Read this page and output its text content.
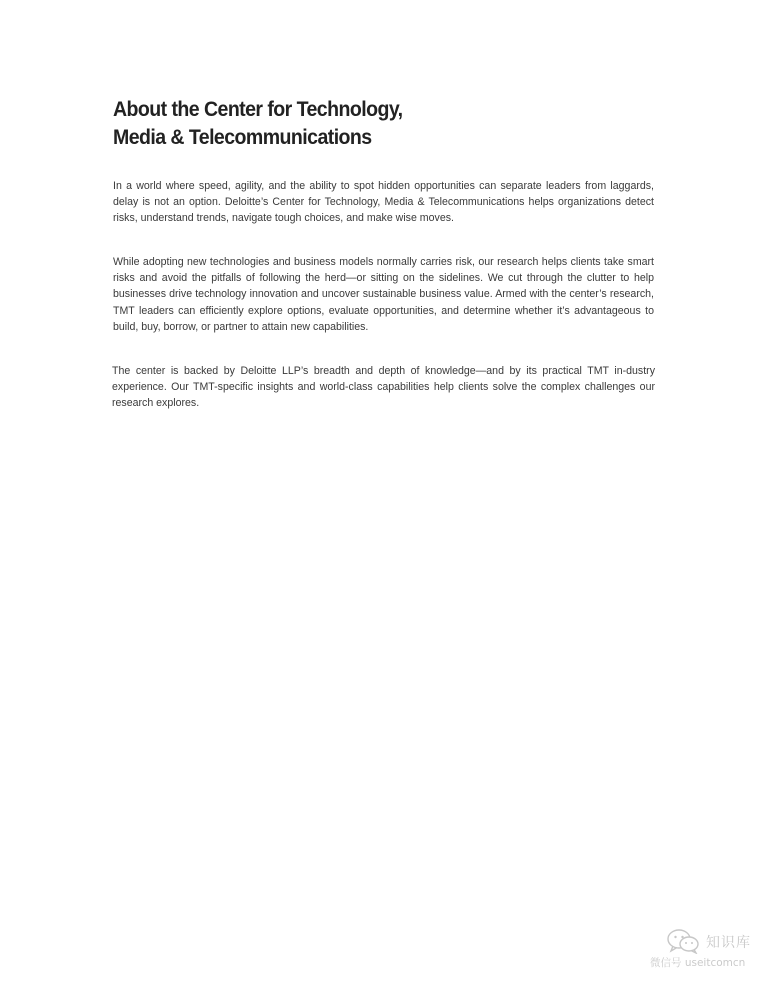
About the Center for Technology,
Media & Telecommunications

In a world where speed, agility, and the ability to spot hidden opportunities can separate leaders from laggards, delay is not an option. Deloitte’s Center for Technology, Media & Telecommunications helps organizations detect risks, understand trends, navigate tough choices, and make wise moves.

While adopting new technologies and business models normally carries risk, our research helps clients take smart risks and avoid the pitfalls of following the herd—or sitting on the sidelines. We cut through the clutter to help businesses drive technology innovation and uncover sustainable business value. Armed with the center’s research, TMT leaders can efficiently explore options, evaluate opportunities, and determine whether it’s advantageous to build, buy, borrow, or partner to attain new capabilities.

The center is backed by Deloitte LLP’s breadth and depth of knowledge—and by its practical TMT in-dustry experience. Our TMT-specific insights and world-class capabilities help clients solve the complex challenges our research explores.

知识库
微信号 useitcomcn
